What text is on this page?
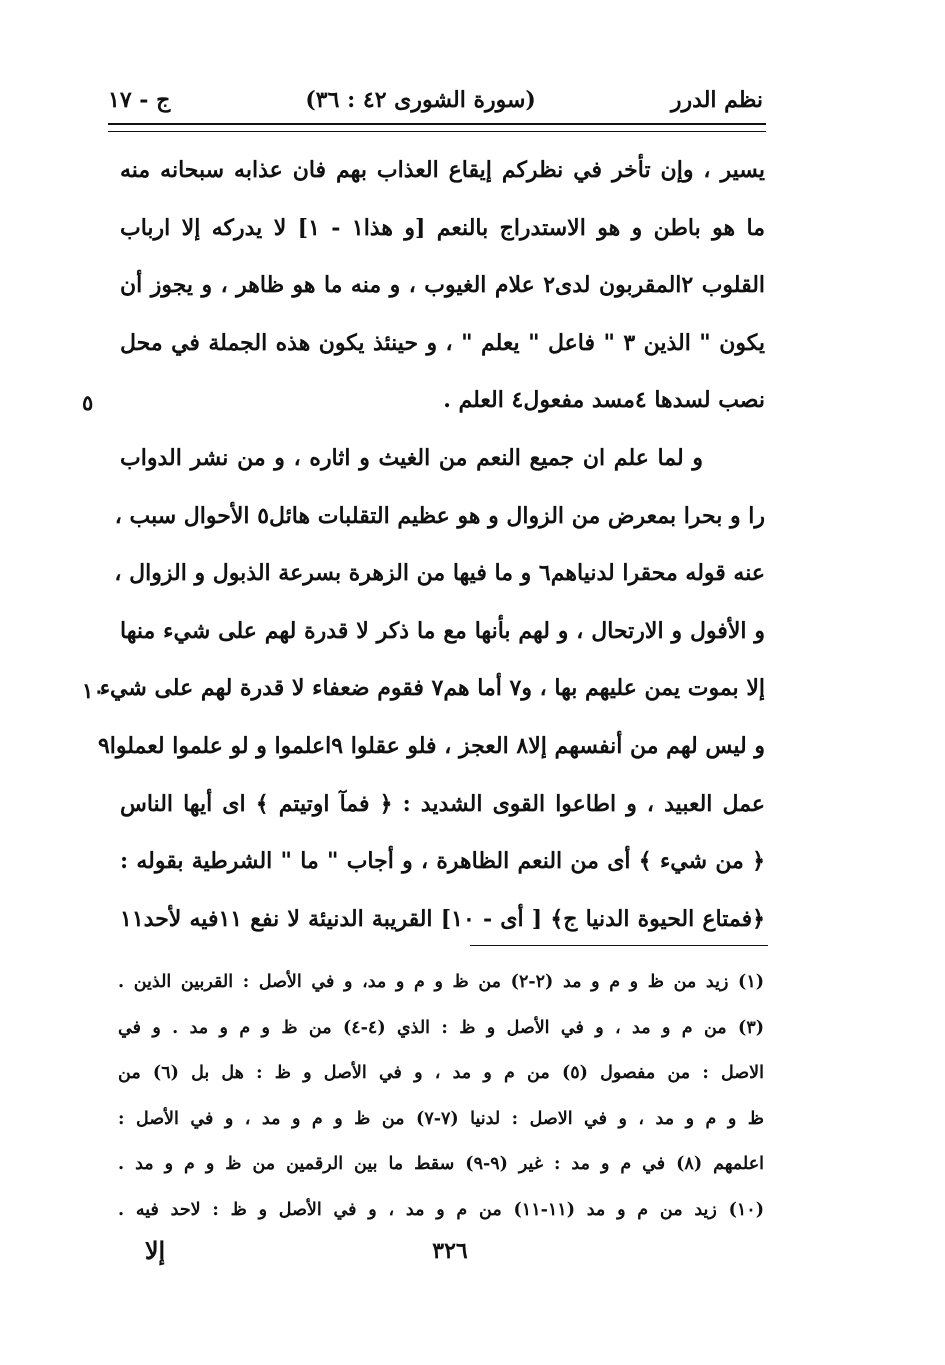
نظم الدرر
(سورة الشورى ٤٢ : ٣٦)
ج - ١٧
يسير ، وإن تأخر في نظركم إيقاع العذاب بهم فان عذابه سبحانه منه
ما هو باطن و هو الاستدراج بالنعم [و هذا١ - ١] لا يدركه إلا ارباب
القلوب ٢المقربون لدى٢ علام الغيوب ، و منه ما هو ظاهر ، و يجوز أن
يكون " الذين ٣ " فاعل " يعلم " ، و حينئذ يكون هذه الجملة في محل
نصب لسدها ٤مسد مفعول٤ العلم .
و لما علم ان جميع النعم من الغيث و اثاره ، و من نشر الدواب
را و بحرا بمعرض من الزوال و هو عظيم التقلبات هائل٥ الأحوال سبب ،
عنه قوله محقرا لدنياهم٦ و ما فيها من الزهرة بسرعة الذبول و الزوال ،
و الأفول و الارتحال ، و لهم بأنها مع ما ذكر لا قدرة لهم على شيء منها
إلا بموت يمن عليهم بها ، و٧ أما هم٧ فقوم ضعفاء لا قدرة لهم على شيء
و ليس لهم من أنفسهم إلا٨ العجز ، فلو عقلوا ٩اعلموا و لو علموا لعملوا٩
عمل العبيد ، و اطاعوا القوى الشديد : ﴿ فمآ اوتيتم ﴾ اى أيها الناس
﴿ من شيء ﴾ أى من النعم الظاهرة ، و أجاب " ما " الشرطية بقوله :
﴿فمتاع الحيوة الدنيا ج﴾ [ أى - ١٠] القريبة الدنيئة لا نفع ١١فيه لأحد١١
٥
١٠
(١) زيد من ظ و م و مد (٢-٢) من ظ و م و مد، و في الأصل : القربين الذين .
(٣) من م و مد ، و في الأصل و ظ : الذي (٤-٤) من ظ و م و مد . و في
الاصل : من مفصول (٥) من م و مد ، و في الأصل و ظ : هل بل (٦) من
ظ و م و مد ، و في الاصل : لدنيا (٧-٧) من ظ و م و مد ، و في الأصل :
اعلمهم (٨) في م و مد : غير (٩-٩) سقط ما بين الرقمين من ظ و م و مد .
(١٠) زيد من م و مد (١١-١١) من م و مد ، و في الأصل و ظ : لاحد فيه .
٣٢٦
إلا
